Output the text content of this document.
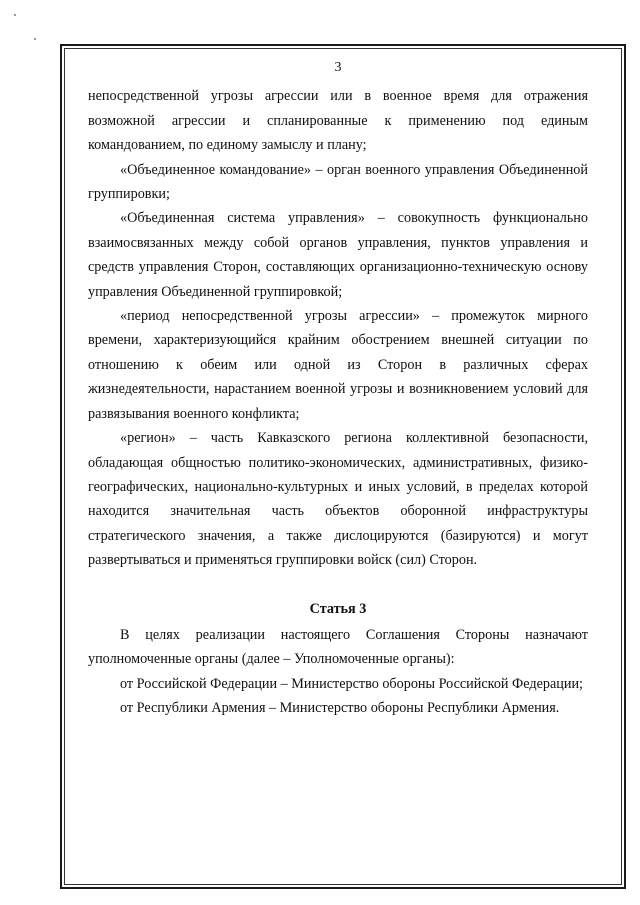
3

непосредственной угрозы агрессии или в военное время для отражения возможной агрессии и спланированные к применению под единым командованием, по единому замыслу и плану;

«Объединенное командование» – орган военного управления Объединенной группировки;

«Объединенная система управления» – совокупность функционально взаимосвязанных между собой органов управления, пунктов управления и средств управления Сторон, составляющих организационно-техническую основу управления Объединенной группировкой;

«период непосредственной угрозы агрессии» – промежуток мирного времени, характеризующийся крайним обострением внешней ситуации по отношению к обеим или одной из Сторон в различных сферах жизнедеятельности, нарастанием военной угрозы и возникновением условий для развязывания военного конфликта;

«регион» – часть Кавказского региона коллективной безопасности, обладающая общностью политико-экономических, административных, физико-географических, национально-культурных и иных условий, в пределах которой находится значительная часть объектов оборонной инфраструктуры стратегического значения, а также дислоцируются (базируются) и могут развертываться и применяться группировки войск (сил) Сторон.

Статья 3

В целях реализации настоящего Соглашения Стороны назначают уполномоченные органы (далее – Уполномоченные органы):

от Российской Федерации – Министерство обороны Российской Федерации;

от Республики Армения – Министерство обороны Республики Армения.
